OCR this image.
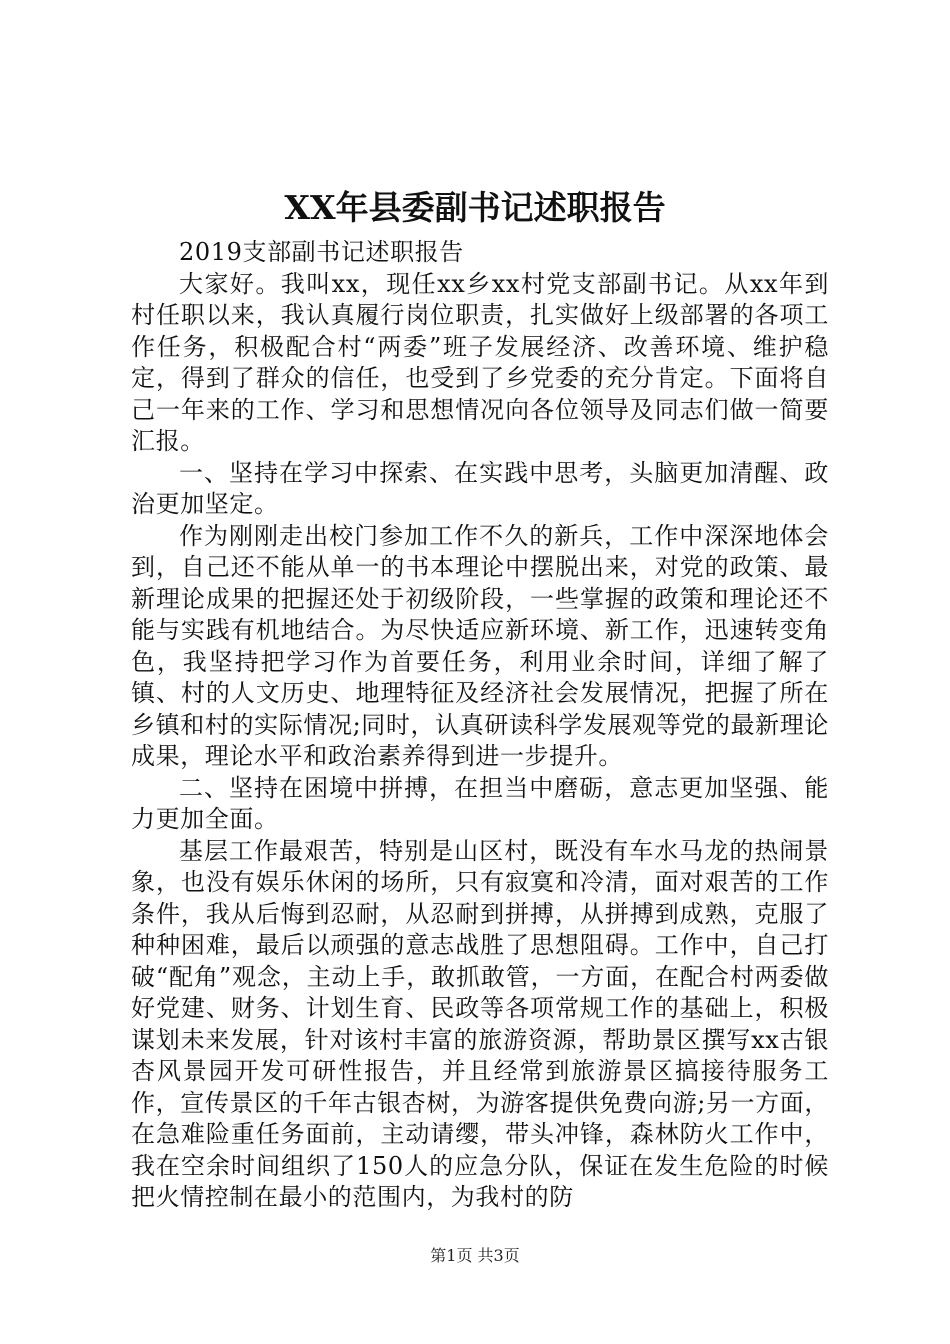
XX年县委副书记述职报告

2019支部副书记述职报告

大家好。我叫xx，现任xx乡xx村党支部副书记。从xx年到村任职以来，我认真履行岗位职责，扎实做好上级部署的各项工作任务，积极配合村“两委”班子发展经济、改善环境、维护稳定，得到了群众的信任，也受到了乡党委的充分肯定。下面将自己一年来的工作、学习和思想情况向各位领导及同志们做一简要汇报。

一、坚持在学习中探索、在实践中思考，头脑更加清醒、政治更加坚定。

作为刚刚走出校门参加工作不久的新兵，工作中深深地体会到，自己还不能从单一的书本理论中摆脱出来，对党的政策、最新理论成果的把握还处于初级阶段，一些掌握的政策和理论还不能与实践有机地结合。为尽快适应新环境、新工作，迅速转变角色，我坚持把学习作为首要任务，利用业余时间，详细了解了镇、村的人文历史、地理特征及经济社会发展情况，把握了所在乡镇和村的实际情况;同时，认真研读科学发展观等党的最新理论成果，理论水平和政治素养得到进一步提升。

二、坚持在困境中拼搏，在担当中磨砺，意志更加坚强、能力更加全面。

基层工作最艰苦，特别是山区村，既没有车水马龙的热闹景象，也没有娱乐休闲的场所，只有寂寞和冷清，面对艰苦的工作条件，我从后悔到忍耐，从忍耐到拼搏，从拼搏到成熟，克服了种种困难，最后以顽强的意志战胜了思想阻碍。工作中，自己打破“配角”观念，主动上手，敢抓敢管，一方面，在配合村两委做好党建、财务、计划生育、民政等各项常规工作的基础上，积极谋划未来发展，针对该村丰富的旅游资源，帮助景区撰写xx古银杏风景园开发可研性报告，并且经常到旅游景区搞接待服务工作，宣传景区的千年古银杏树，为游客提供免费向游;另一方面，在急难险重任务面前，主动请缨，带头冲锋，森林防火工作中，我在空余时间组织了150人的应急分队，保证在发生危险的时候把火情控制在最小的范围内，为我村的防

第1页 共3页
